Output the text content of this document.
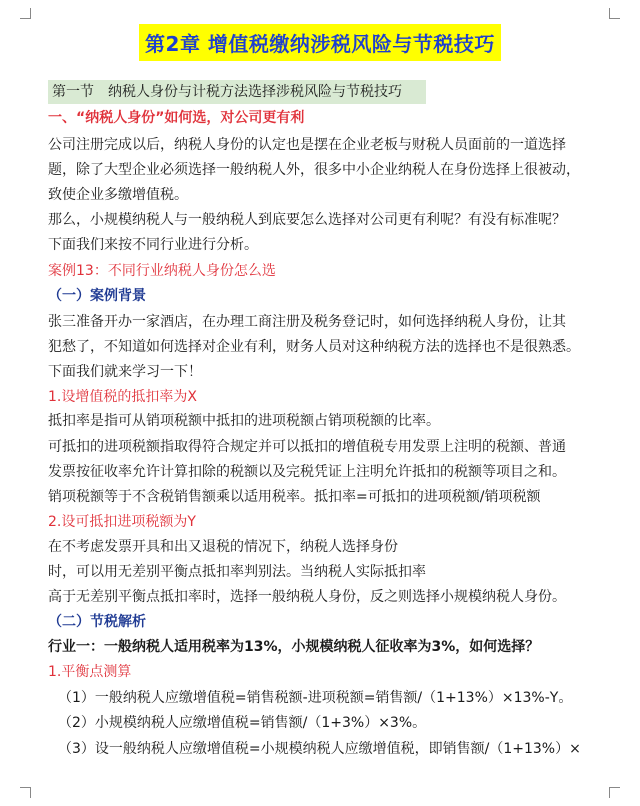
第2章 增值税缴纳涉税风险与节税技巧
第一节　纳税人身份与计税方法选择涉税风险与节税技巧
一、“纳税人身份”如何选，对公司更有利
公司注册完成以后，纳税人身份的认定也是摆在企业老板与财税人员面前的一道选择
题，除了大型企业必须选择一般纳税人外，很多中小企业纳税人在身份选择上很被动，
致使企业多缴增值税。
那么，小规模纳税人与一般纳税人到底要怎么选择对公司更有利呢？有没有标准呢？
下面我们来按不同行业进行分析。
案例13：不同行业纳税人身份怎么选
（一）案例背景
张三准备开办一家酒店，在办理工商注册及税务登记时，如何选择纳税人身份，让其
犯愁了，不知道如何选择对企业有利，财务人员对这种纳税方法的选择也不是很熟悉。
下面我们就来学习一下！
1.设增值税的抵扣率为X
抵扣率是指可从销项税额中抵扣的进项税额占销项税额的比率。
可抵扣的进项税额指取得符合规定并可以抵扣的增值税专用发票上注明的税额、普通
发票按征收率允许计算扣除的税额以及完税凭证上注明允许抵扣的税额等项目之和。
销项税额等于不含税销售额乘以适用税率。抵扣率=可抵扣的进项税额/销项税额
2.设可抵扣进项税额为Y
在不考虑发票开具和出又退税的情况下，纳税人选择身份
时，可以用无差别平衡点抵扣率判别法。当纳税人实际抵扣率
高于无差别平衡点抵扣率时，选择一般纳税人身份，反之则选择小规模纳税人身份。
（二）节税解析
行业一：一般纳税人适用税率为13%，小规模纳税人征收率为3%，如何选择？
1.平衡点测算
（1）一般纳税人应缴增值税=销售税额-进项税额=销售额/（1+13%）×13%-Y。
（2）小规模纳税人应缴增值税=销售额/（1+3%）×3%。
（3）设一般纳税人应缴增值税=小规模纳税人应缴增值税，即销售额/（1+13%）×
